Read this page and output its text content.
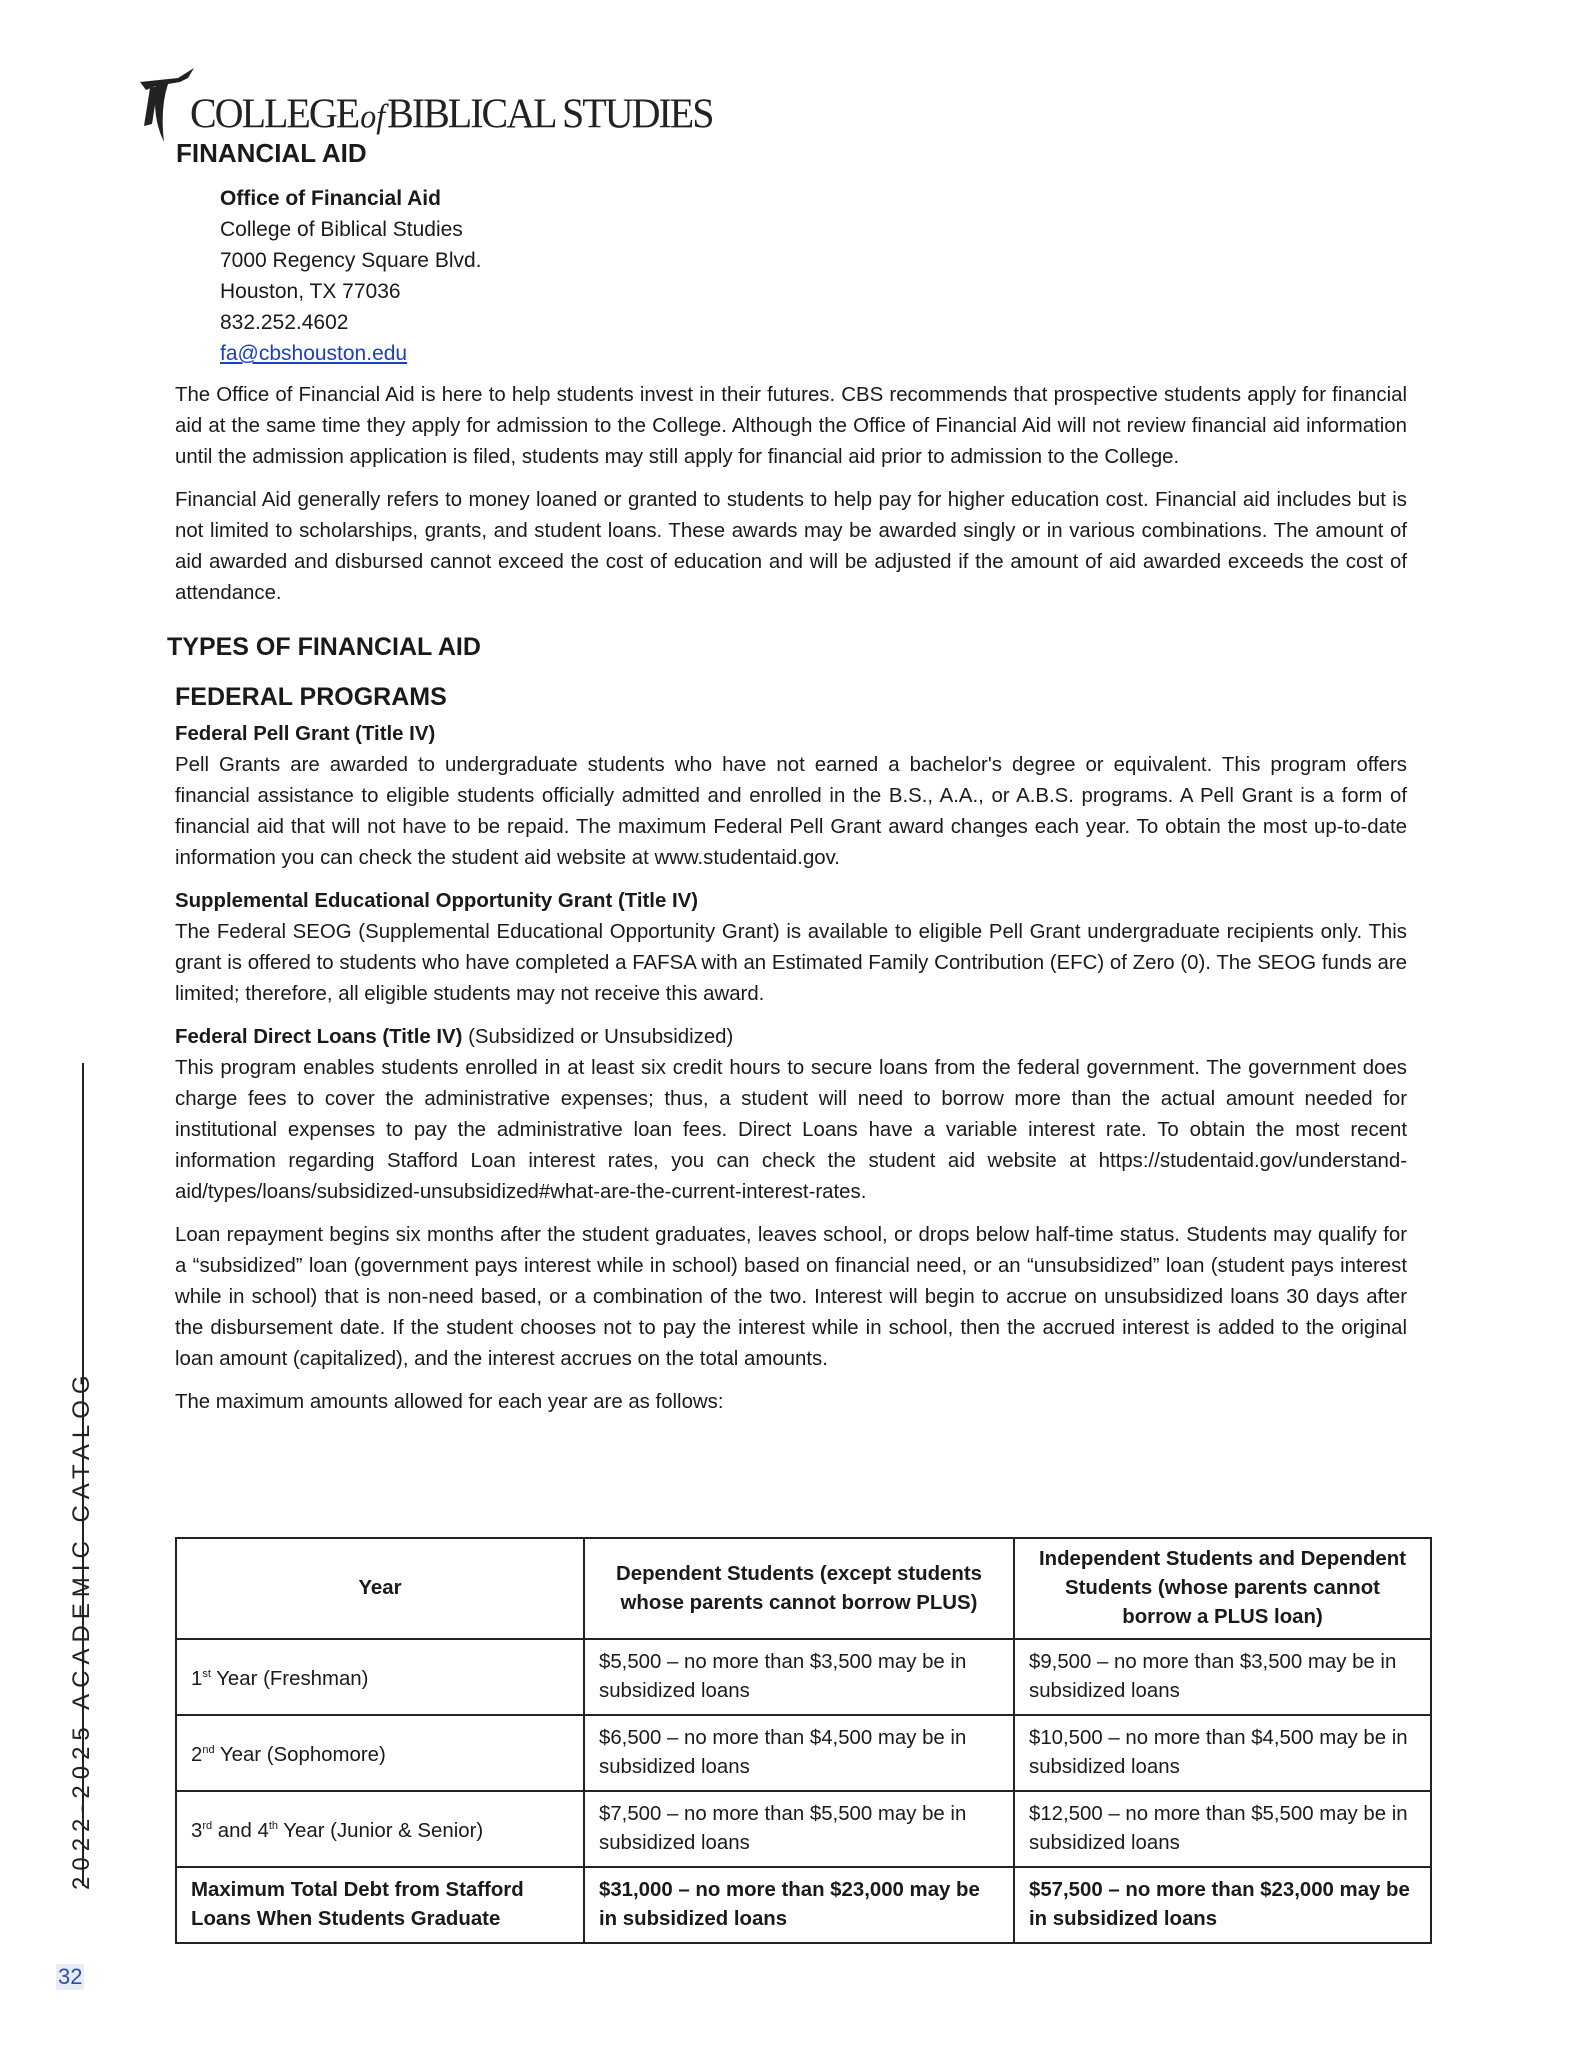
COLLEGEofBIBLICAL STUDIES
FINANCIAL AID
Office of Financial Aid
College of Biblical Studies
7000 Regency Square Blvd.
Houston, TX 77036
832.252.4602
fa@cbshouston.edu

The Office of Financial Aid is here to help students invest in their futures. CBS recommends that prospective students apply for financial aid at the same time they apply for admission to the College. Although the Office of Financial Aid will not review financial aid information until the admission application is filed, students may still apply for financial aid prior to admission to the College.

Financial Aid generally refers to money loaned or granted to students to help pay for higher education cost. Financial aid includes but is not limited to scholarships, grants, and student loans. These awards may be awarded singly or in various combinations. The amount of aid awarded and disbursed cannot exceed the cost of education and will be adjusted if the amount of aid awarded exceeds the cost of attendance.

TYPES OF FINANCIAL AID
FEDERAL PROGRAMS

Federal Pell Grant (Title IV)
Pell Grants are awarded to undergraduate students who have not earned a bachelor's degree or equivalent. This program offers financial assistance to eligible students officially admitted and enrolled in the B.S., A.A., or A.B.S. programs. A Pell Grant is a form of financial aid that will not have to be repaid. The maximum Federal Pell Grant award changes each year. To obtain the most up-to-date information you can check the student aid website at www.studentaid.gov.

Supplemental Educational Opportunity Grant (Title IV)
The Federal SEOG (Supplemental Educational Opportunity Grant) is available to eligible Pell Grant undergraduate recipients only. This grant is offered to students who have completed a FAFSA with an Estimated Family Contribution (EFC) of Zero (0). The SEOG funds are limited; therefore, all eligible students may not receive this award.

Federal Direct Loans (Title IV) (Subsidized or Unsubsidized)
This program enables students enrolled in at least six credit hours to secure loans from the federal government. The government does charge fees to cover the administrative expenses; thus, a student will need to borrow more than the actual amount needed for institutional expenses to pay the administrative loan fees. Direct Loans have a variable interest rate. To obtain the most recent information regarding Stafford Loan interest rates, you can check the student aid website at https://studentaid.gov/understand-aid/types/loans/subsidized-unsubsidized#what-are-the-current-interest-rates.

Loan repayment begins six months after the student graduates, leaves school, or drops below half-time status. Students may qualify for a “subsidized” loan (government pays interest while in school) based on financial need, or an “unsubsidized” loan (student pays interest while in school) that is non-need based, or a combination of the two. Interest will begin to accrue on unsubsidized loans 30 days after the disbursement date. If the student chooses not to pay the interest while in school, then the accrued interest is added to the original loan amount (capitalized), and the interest accrues on the total amounts.

The maximum amounts allowed for each year are as follows:

Year	Dependent Students (except students whose parents cannot borrow PLUS)	Independent Students and Dependent Students (whose parents cannot borrow a PLUS loan)
1st Year (Freshman)	$5,500 – no more than $3,500 may be in subsidized loans	$9,500 – no more than $3,500 may be in subsidized loans
2nd Year (Sophomore)	$6,500 – no more than $4,500 may be in subsidized loans	$10,500 – no more than $4,500 may be in subsidized loans
3rd and 4th Year (Junior & Senior)	$7,500 – no more than $5,500 may be in subsidized loans	$12,500 – no more than $5,500 may be in subsidized loans
Maximum Total Debt from Stafford Loans When Students Graduate	$31,000 – no more than $23,000 may be in subsidized loans	$57,500 – no more than $23,000 may be in subsidized loans
2022-2025 ACADEMIC CATALOG
32
